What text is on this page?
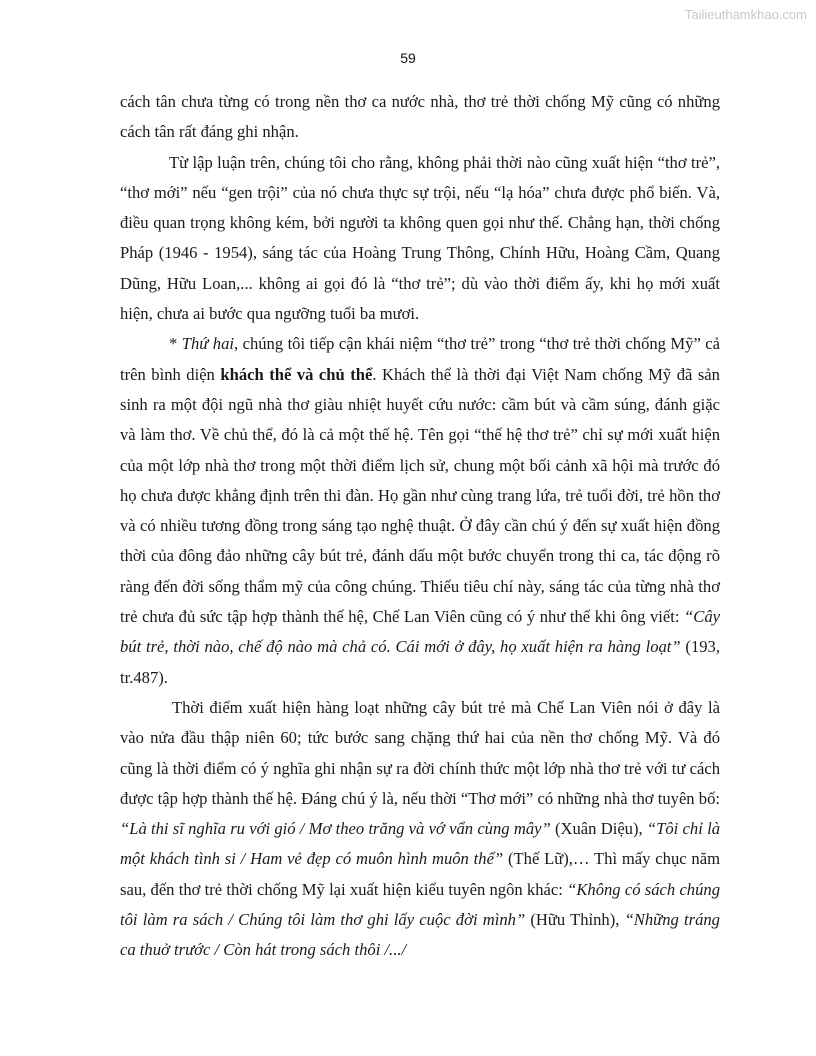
Tailieuthamkhao.com
59

cách tân chưa từng có trong nền thơ ca nước nhà, thơ trẻ thời chống Mỹ cũng có những cách tân rất đáng ghi nhận.

Từ lập luận trên, chúng tôi cho rằng, không phải thời nào cũng xuất hiện “thơ trẻ”, “thơ mới” nếu “gen trội” của nó chưa thực sự trội, nếu “lạ hóa” chưa được phổ biến. Và, điều quan trọng không kém, bởi người ta không quen gọi như thế. Chẳng hạn, thời chống Pháp (1946 - 1954), sáng tác của Hoàng Trung Thông, Chính Hữu, Hoàng Cầm, Quang Dũng, Hữu Loan,... không ai gọi đó là “thơ trẻ”; dù vào thời điểm ấy, khi họ mới xuất hiện, chưa ai bước qua ngưỡng tuổi ba mươi.

* Thứ hai, chúng tôi tiếp cận khái niệm “thơ trẻ” trong “thơ trẻ thời chống Mỹ” cả trên bình diện khách thể và chủ thể. Khách thể là thời đại Việt Nam chống Mỹ đã sản sinh ra một đội ngũ nhà thơ giàu nhiệt huyết cứu nước: cầm bút và cầm súng, đánh giặc và làm thơ. Về chủ thể, đó là cả một thế hệ. Tên gọi “thế hệ thơ trẻ” chỉ sự mới xuất hiện của một lớp nhà thơ trong một thời điểm lịch sử, chung một bối cảnh xã hội mà trước đó họ chưa được khẳng định trên thi đàn. Họ gần như cùng trang lứa, trẻ tuổi đời, trẻ hồn thơ và có nhiều tương đồng trong sáng tạo nghệ thuật. Ở đây cần chú ý đến sự xuất hiện đồng thời của đông đảo những cây bút trẻ, đánh dấu một bước chuyển trong thi ca, tác động rõ ràng đến đời sống thẩm mỹ của công chúng. Thiếu tiêu chí này, sáng tác của từng nhà thơ trẻ chưa đủ sức tập hợp thành thế hệ, Chế Lan Viên cũng có ý như thế khi ông viết: “Cây bút trẻ, thời nào, chế độ nào mà chả có. Cái mới ở đây, họ xuất hiện ra hàng loạt” (193, tr.487).

Thời điểm xuất hiện hàng loạt những cây bút trẻ mà Chế Lan Viên nói ở đây là vào nửa đầu thập niên 60; tức bước sang chặng thứ hai của nền thơ chống Mỹ. Và đó cũng là thời điểm có ý nghĩa ghi nhận sự ra đời chính thức một lớp nhà thơ trẻ với tư cách được tập hợp thành thế hệ. Đáng chú ý là, nếu thời “Thơ mới” có những nhà thơ tuyên bố: “Là thi sĩ nghĩa ru với gió / Mơ theo trăng và vớ vẩn cùng mây” (Xuân Diệu), “Tôi chỉ là một khách tình si / Ham vẻ đẹp có muôn hình muôn thể” (Thế Lữ),… Thì mấy chục năm sau, đến thơ trẻ thời chống Mỹ lại xuất hiện kiểu tuyên ngôn khác: “Không có sách chúng tôi làm ra sách / Chúng tôi làm thơ ghi lấy cuộc đời mình” (Hữu Thỉnh), “Những tráng ca thuở trước / Còn hát trong sách thôi /.../
